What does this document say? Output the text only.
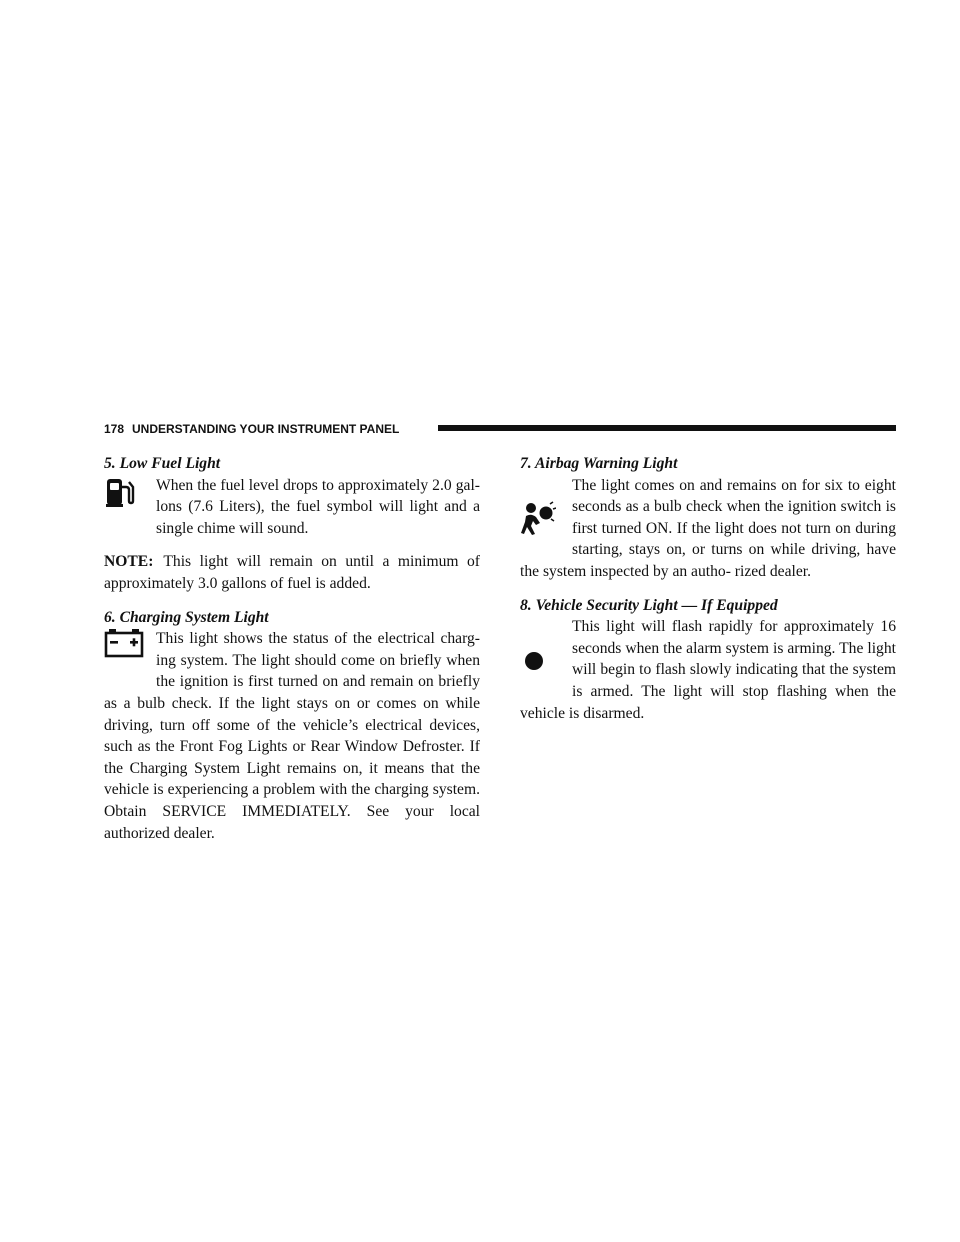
178 UNDERSTANDING YOUR INSTRUMENT PANEL

5. Low Fuel Light

When the fuel level drops to approximately 2.0 gal- lons (7.6 Liters), the fuel symbol will light and a single chime will sound.

NOTE: This light will remain on until a minimum of approximately 3.0 gallons of fuel is added.

6. Charging System Light

This light shows the status of the electrical charg- ing system. The light should come on briefly when the ignition is first turned on and remain on briefly as a bulb check. If the light stays on or comes on while driving, turn off some of the vehicle’s electrical devices, such as the Front Fog Lights or Rear Window Defroster. If the Charging System Light remains on, it means that the vehicle is experiencing a problem with the charging system. Obtain SERVICE IMMEDIATELY. See your local authorized dealer.

7. Airbag Warning Light

The light comes on and remains on for six to eight seconds as a bulb check when the ignition switch is first turned ON. If the light does not turn on during starting, stays on, or turns on while driving, have the system inspected by an autho- rized dealer.

8. Vehicle Security Light — If Equipped

This light will flash rapidly for approximately 16 seconds when the alarm system is arming. The light will begin to flash slowly indicating that the system is armed. The light will stop flashing when the vehicle is disarmed.
